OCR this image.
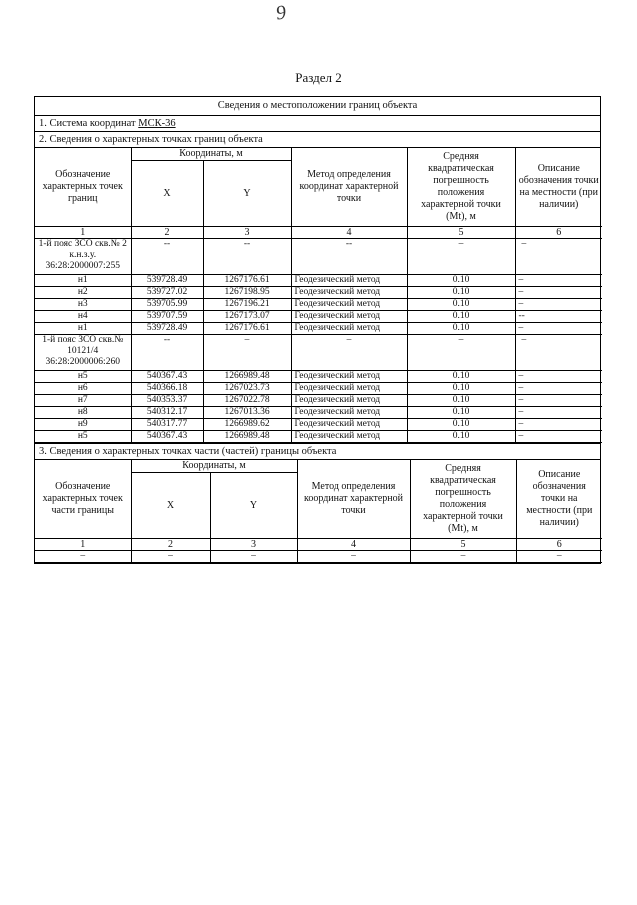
9
Раздел 2
Сведения о местоположении границ объекта
1. Система координат МСК-36
2. Сведения о характерных точках границ объекта
Обозначение характерных точек границ	Координаты, м		Метод определения координат характерной точки	Средняя квадратическая погрешность положения характерной точки (Mt), м	Описание обозначения точки на местности (при наличии)
	X	Y			
1	2	3	4	5	6
1-й пояс ЗСО скв.№ 2 к.н.з.у. 36:28:2000007:255	--	--	--	–	–
н1	539728.49	1267176.61	Геодезический метод	0.10	–
н2	539727.02	1267198.95	Геодезический метод	0.10	–
н3	539705.99	1267196.21	Геодезический метод	0.10	–
н4	539707.59	1267173.07	Геодезический метод	0.10	--
н1	539728.49	1267176.61	Геодезический метод	0.10	–
1-й пояс ЗСО скв.№ 10121/4 36:28:2000006:260	--	–	–	–	–
н5	540367.43	1266989.48	Геодезический метод	0.10	–
н6	540366.18	1267023.73	Геодезический метод	0.10	–
н7	540353.37	1267022.78	Геодезический метод	0.10	–
н8	540312.17	1267013.36	Геодезический метод	0.10	–
н9	540317.77	1266989.62	Геодезический метод	0.10	–
н5	540367.43	1266989.48	Геодезический метод	0.10	–
3. Сведения о характерных точках части (частей) границы объекта
Обозначение характерных точек части границы	Координаты, м		Метод определения координат характерной точки	Средняя квадратическая погрешность положения характерной точки (Mt), м	Описание обозначения точки на местности (при наличии)
	X	Y			
1	2	3	4	5	6
–	–	–	–	–	–
